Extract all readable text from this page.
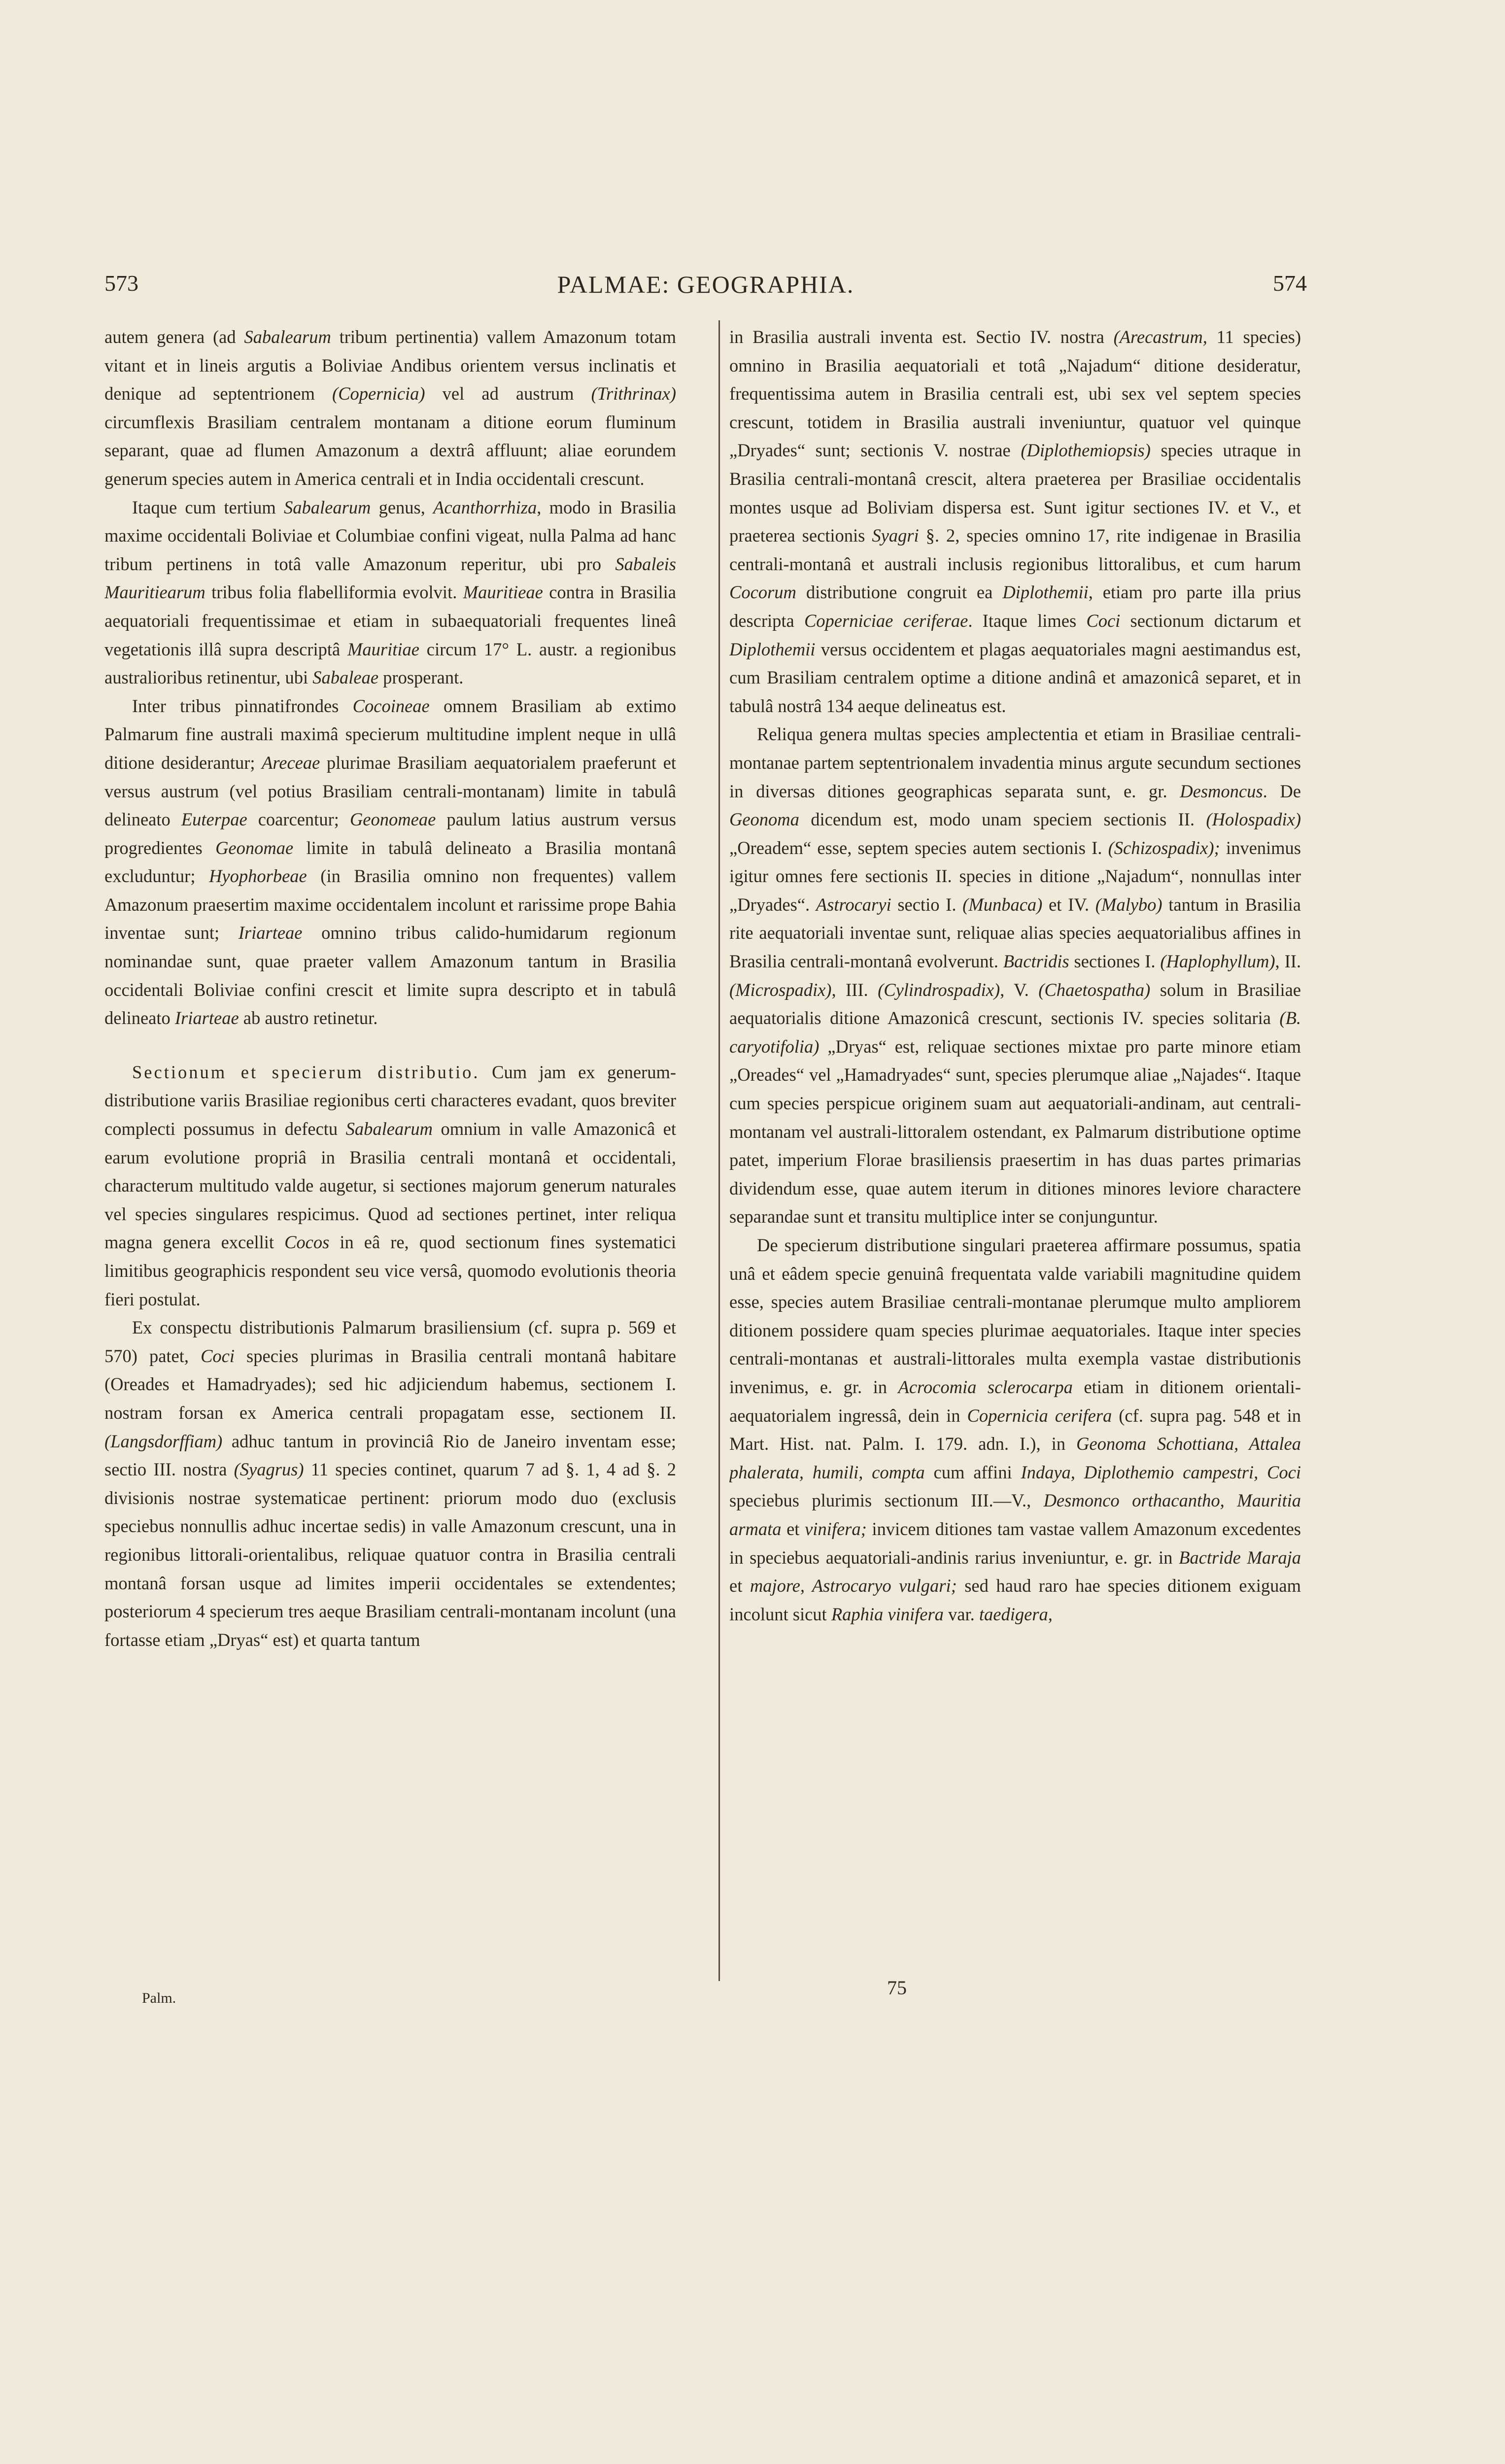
573	PALMAE: GEOGRAPHIA.	574

autem genera (ad Sabalearum tribum pertinentia) vallem Amazonum totam vitant et in lineis argutis a Boliviae Andibus orientem versus inclinatis et denique ad septentrionem (Copernicia) vel ad austrum (Trithrinax) circumflexis Brasiliam centralem montanam a ditione eorum fluminum separant, quae ad flumen Amazonum a dextrâ affluunt; aliae eorundem generum species autem in America centrali et in India occidentali crescunt.

Itaque cum tertium Sabalearum genus, Acanthorrhiza, modo in Brasilia maxime occidentali Boliviae et Columbiae confini vigeat, nulla Palma ad hanc tribum pertinens in totâ valle Amazonum reperitur, ubi pro Sabaleis Mauritiearum tribus folia flabelliformia evolvit. Mauritieae contra in Brasilia aequatoriali frequentissimae et etiam in subaequatoriali frequentes lineâ vegetationis illâ supra descriptâ Mauritiae circum 17° L. austr. a regionibus australioribus retinentur, ubi Sabaleae prosperant.

Inter tribus pinnatifrondes Cocoineae omnem Brasiliam ab extimo Palmarum fine australi maximâ specierum multitudine implent neque in ullâ ditione desiderantur; Areceae plurimae Brasiliam aequatorialem praeferunt et versus austrum (vel potius Brasiliam centrali-montanam) limite in tabulâ delineato Euterpae coarcentur; Geonomeae paulum latius austrum versus progredientes Geonomae limite in tabulâ delineato a Brasilia montanâ excluduntur; Hyophorbeae (in Brasilia omnino non frequentes) vallem Amazonum praesertim maxime occidentalem incolunt et rarissime prope Bahia inventae sunt; Iriarteae omnino tribus calido-humidarum regionum nominandae sunt, quae praeter vallem Amazonum tantum in Brasilia occidentali Boliviae confini crescit et limite supra descripto et in tabulâ delineato Iriarteae ab austro retinetur.

Sectionum et specierum distributio. Cum jam ex generum-distributione variis Brasiliae regionibus certi characteres evadant, quos breviter complecti possumus in defectu Sabalearum omnium in valle Amazonicâ et earum evolutione propriâ in Brasilia centrali montanâ et occidentali, characterum multitudo valde augetur, si sectiones majorum generum naturales vel species singulares respicimus. Quod ad sectiones pertinet, inter reliqua magna genera excellit Cocos in eâ re, quod sectionum fines systematici limitibus geographicis respondent seu vice versâ, quomodo evolutionis theoria fieri postulat.

Ex conspectu distributionis Palmarum brasiliensium (cf. supra p. 569 et 570) patet, Coci species plurimas in Brasilia centrali montanâ habitare (Oreades et Hamadryades); sed hic adjiciendum habemus, sectionem I. nostram forsan ex America centrali propagatam esse, sectionem II. (Langsdorffiam) adhuc tantum in provinciâ Rio de Janeiro inventam esse; sectio III. nostra (Syagrus) 11 species continet, quarum 7 ad §. 1, 4 ad §. 2 divisionis nostrae systematicae pertinent: priorum modo duo (exclusis speciebus nonnullis adhuc incertae sedis) in valle Amazonum crescunt, una in regionibus littorali-orientalibus, reliquae quatuor contra in Brasilia centrali montanâ forsan usque ad limites imperii occidentales se extendentes; posteriorum 4 specierum tres aeque Brasiliam centrali-montanam incolunt (una fortasse etiam „Dryas“ est) et quarta tantum

in Brasilia australi inventa est. Sectio IV. nostra (Arecastrum, 11 species) omnino in Brasilia aequatoriali et totâ „Najadum“ ditione desideratur, frequentissima autem in Brasilia centrali est, ubi sex vel septem species crescunt, totidem in Brasilia australi inveniuntur, quatuor vel quinque „Dryades“ sunt; sectionis V. nostrae (Diplothemiopsis) species utraque in Brasilia centrali-montanâ crescit, altera praeterea per Brasiliae occidentalis montes usque ad Boliviam dispersa est. Sunt igitur sectiones IV. et V., et praeterea sectionis Syagri §. 2, species omnino 17, rite indigenae in Brasilia centrali-montanâ et australi inclusis regionibus littoralibus, et cum harum Cocorum distributione congruit ea Diplothemii, etiam pro parte illa prius descripta Coperniciae ceriferae. Itaque limes Coci sectionum dictarum et Diplothemii versus occidentem et plagas aequatoriales magni aestimandus est, cum Brasiliam centralem optime a ditione andinâ et amazonicâ separet, et in tabulâ nostrâ 134 aeque delineatus est.

Reliqua genera multas species amplectentia et etiam in Brasiliae centrali-montanae partem septentrionalem invadentia minus argute secundum sectiones in diversas ditiones geographicas separata sunt, e. gr. Desmoncus. De Geonoma dicendum est, modo unam speciem sectionis II. (Holospadix) „Oreadem“ esse, septem species autem sectionis I. (Schizospadix); invenimus igitur omnes fere sectionis II. species in ditione „Najadum“, nonnullas inter „Dryades“. Astrocaryi sectio I. (Munbaca) et IV. (Malybo) tantum in Brasilia rite aequatoriali inventae sunt, reliquae alias species aequatorialibus affines in Brasilia centrali-montanâ evolverunt. Bactridis sectiones I. (Haplophyllum), II. (Microspadix), III. (Cylindrospadix), V. (Chaetospatha) solum in Brasiliae aequatorialis ditione Amazonicâ crescunt, sectionis IV. species solitaria (B. caryotifolia) „Dryas“ est, reliquae sectiones mixtae pro parte minore etiam „Oreades“ vel „Hamadryades“ sunt, species plerumque aliae „Najades“. Itaque cum species perspicue originem suam aut aequatoriali-andinam, aut centrali-montanam vel australi-littoralem ostendant, ex Palmarum distributione optime patet, imperium Florae brasiliensis praesertim in has duas partes primarias dividendum esse, quae autem iterum in ditiones minores leviore charactere separandae sunt et transitu multiplice inter se conjunguntur.

De specierum distributione singulari praeterea affirmare possumus, spatia unâ et eâdem specie genuinâ frequentata valde variabili magnitudine quidem esse, species autem Brasiliae centrali-montanae plerumque multo ampliorem ditionem possidere quam species plurimae aequatoriales. Itaque inter species centrali-montanas et australi-littorales multa exempla vastae distributionis invenimus, e. gr. in Acrocomia sclerocarpa etiam in ditionem orientali-aequatorialem ingressâ, dein in Copernicia cerifera (cf. supra pag. 548 et in Mart. Hist. nat. Palm. I. 179. adn. I.), in Geonoma Schottiana, Attalea phalerata, humili, compta cum affini Indaya, Diplothemio campestri, Coci speciebus plurimis sectionum III.—V., Desmonco orthacantho, Mauritia armata et vinifera; invicem ditiones tam vastae vallem Amazonum excedentes in speciebus aequatoriali-andinis rarius inveniuntur, e. gr. in Bactride Maraja et majore, Astrocaryo vulgari; sed haud raro hae species ditionem exiguam incolunt sicut Raphia vinifera var. taedigera,

Palm.	75
